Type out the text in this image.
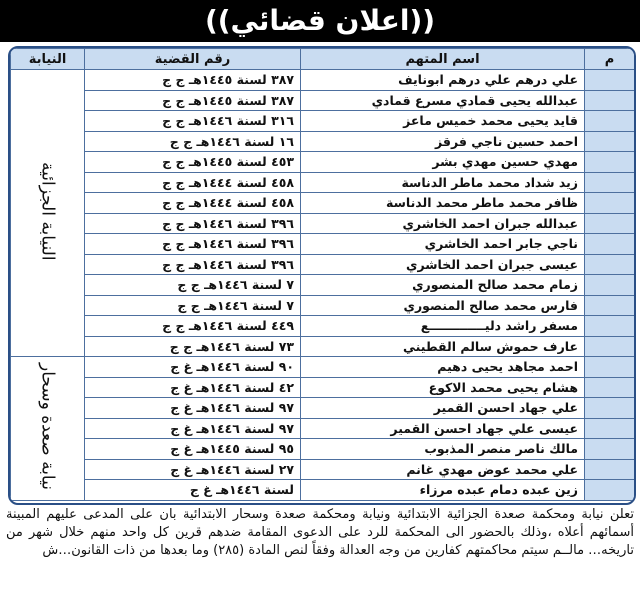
((اعلان قضائي))
م	اسم المتهم	رقم القضية	النيابة
	علي درهم علي درهم ابونايف	٣٨٧ لسنة ١٤٤٥هـ ج ج	النيابة الجزائية
	عبدالله يحيى قمادي مسرع قمادي	٣٨٧ لسنة ١٤٤٥هـ ج ج	
	قايد يحيى محمد خميس ماعز	٣١٦ لسنة ١٤٤٦هـ ج ج	
	احمد حسين ناجي فرقز	١٦ لسنة ١٤٤٦هـ ج ج	
	مهدي حسين مهدي بشر	٤٥٣ لسنة ١٤٤٥هـ ج ج	
	زيد شداد محمد ماطر الدناسة	٤٥٨ لسنة ١٤٤٤هـ ج ج	
	ظافر محمد ماطر محمد الدناسة	٤٥٨ لسنة ١٤٤٤هـ ج ج	
	عبدالله جبران احمد الخاشري	٣٩٦ لسنة ١٤٤٦هـ ج ج	
	ناجي جابر احمد الخاشري	٣٩٦ لسنة ١٤٤٦هـ ج ج	
	عيسى جبران احمد الخاشري	٣٩٦ لسنة ١٤٤٦هـ ج ج	
	زمام محمد صالح المنصوري	٧ لسنة ١٤٤٦هـ ج ج	
	فارس محمد صالح المنصوري	٧ لسنة ١٤٤٦هـ ج ج	
	مسفر راشد دليـــــــــــــع	٤٤٩ لسنة ١٤٤٦هـ ج ج	
	عارف حموش سالم القطيني	٧٣ لسنة ١٤٤٦هـ ج ج	
	احمد مجاهد يحيى دهيم	٩٠ لسنة ١٤٤٦هـ غ ج	نيابة صعدة وسحار
	هشام يحيى محمد الاكوع	٤٢ لسنة ١٤٤٦هـ غ ج	
	علي جهاد احسن القمير	٩٧ لسنة ١٤٤٦هـ غ ج	
	عيسى علي جهاد احسن القمير	٩٧ لسنة ١٤٤٦هـ غ ج	
	مالك ناصر منصر المذبوب	٩٥ لسنة ١٤٤٥هـ غ ج	
	علي محمد عوض مهدي غانم	٢٧ لسنة ١٤٤٦هـ غ ج	
	زين عبده دمام عبده مرزاء	لسنة ١٤٤٦هـ غ ج	
تعلن نيابة ومحكمة صعدة الجزائية الابتدائية ونيابة ومحكمة صعدة وسحار الابتدائية بان على المدعى عليهم المبينة أسمائهم أعلاه ،وذلك بالحضور الى المحكمة للرد على الدعوى المقامة ضدهم قرين كل واحد منهم خلال شهر من تاريخه… مالــم سيتم محاكمتهم كفارين من وجه العدالة وفقاً لنص المادة (٢٨٥) وما بعدها من ذات القانون…ش
